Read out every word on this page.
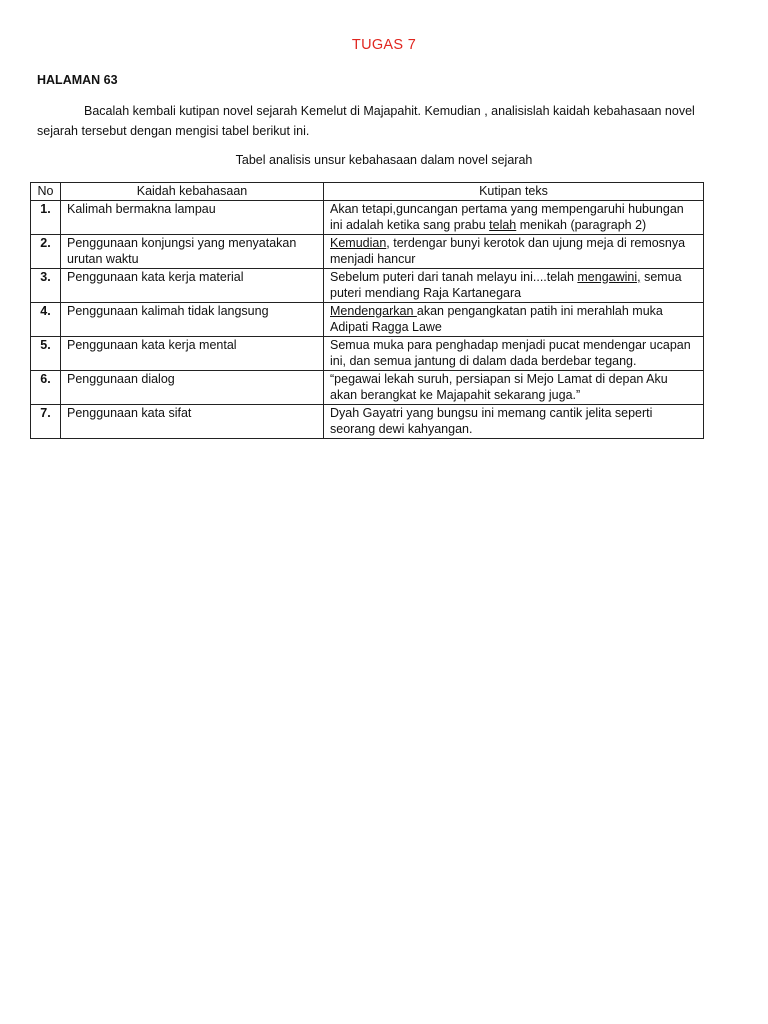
TUGAS 7
HALAMAN 63

Bacalah kembali kutipan novel sejarah Kemelut di Majapahit. Kemudian , analisislah kaidah kebahasaan novel sejarah tersebut dengan mengisi tabel berikut ini.

Tabel analisis unsur kebahasaan dalam novel sejarah
No	Kaidah kebahasaan	Kutipan teks
1.	Kalimah bermakna lampau	Akan tetapi,guncangan pertama yang mempengaruhi hubungan ini adalah ketika sang prabu telah menikah (paragraph 2)
2.	Penggunaan konjungsi yang menyatakan urutan waktu	Kemudian, terdengar bunyi kerotok dan ujung meja di remosnya menjadi hancur
3.	Penggunaan kata kerja material	Sebelum puteri dari tanah melayu ini....telah mengawini, semua puteri mendiang Raja Kartanegara
4.	Penggunaan kalimah tidak langsung	Mendengarkan akan pengangkatan patih ini merahlah muka Adipati Ragga Lawe
5.	Penggunaan kata kerja mental	Semua muka para penghadap menjadi pucat mendengar ucapan ini, dan semua jantung di dalam dada berdebar tegang.
6.	Penggunaan dialog	“pegawai lekah suruh, persiapan si Mejo Lamat di depan Aku akan berangkat ke Majapahit sekarang juga.”
7.	Penggunaan kata sifat	Dyah Gayatri yang bungsu ini memang cantik jelita seperti seorang dewi kahyangan.
